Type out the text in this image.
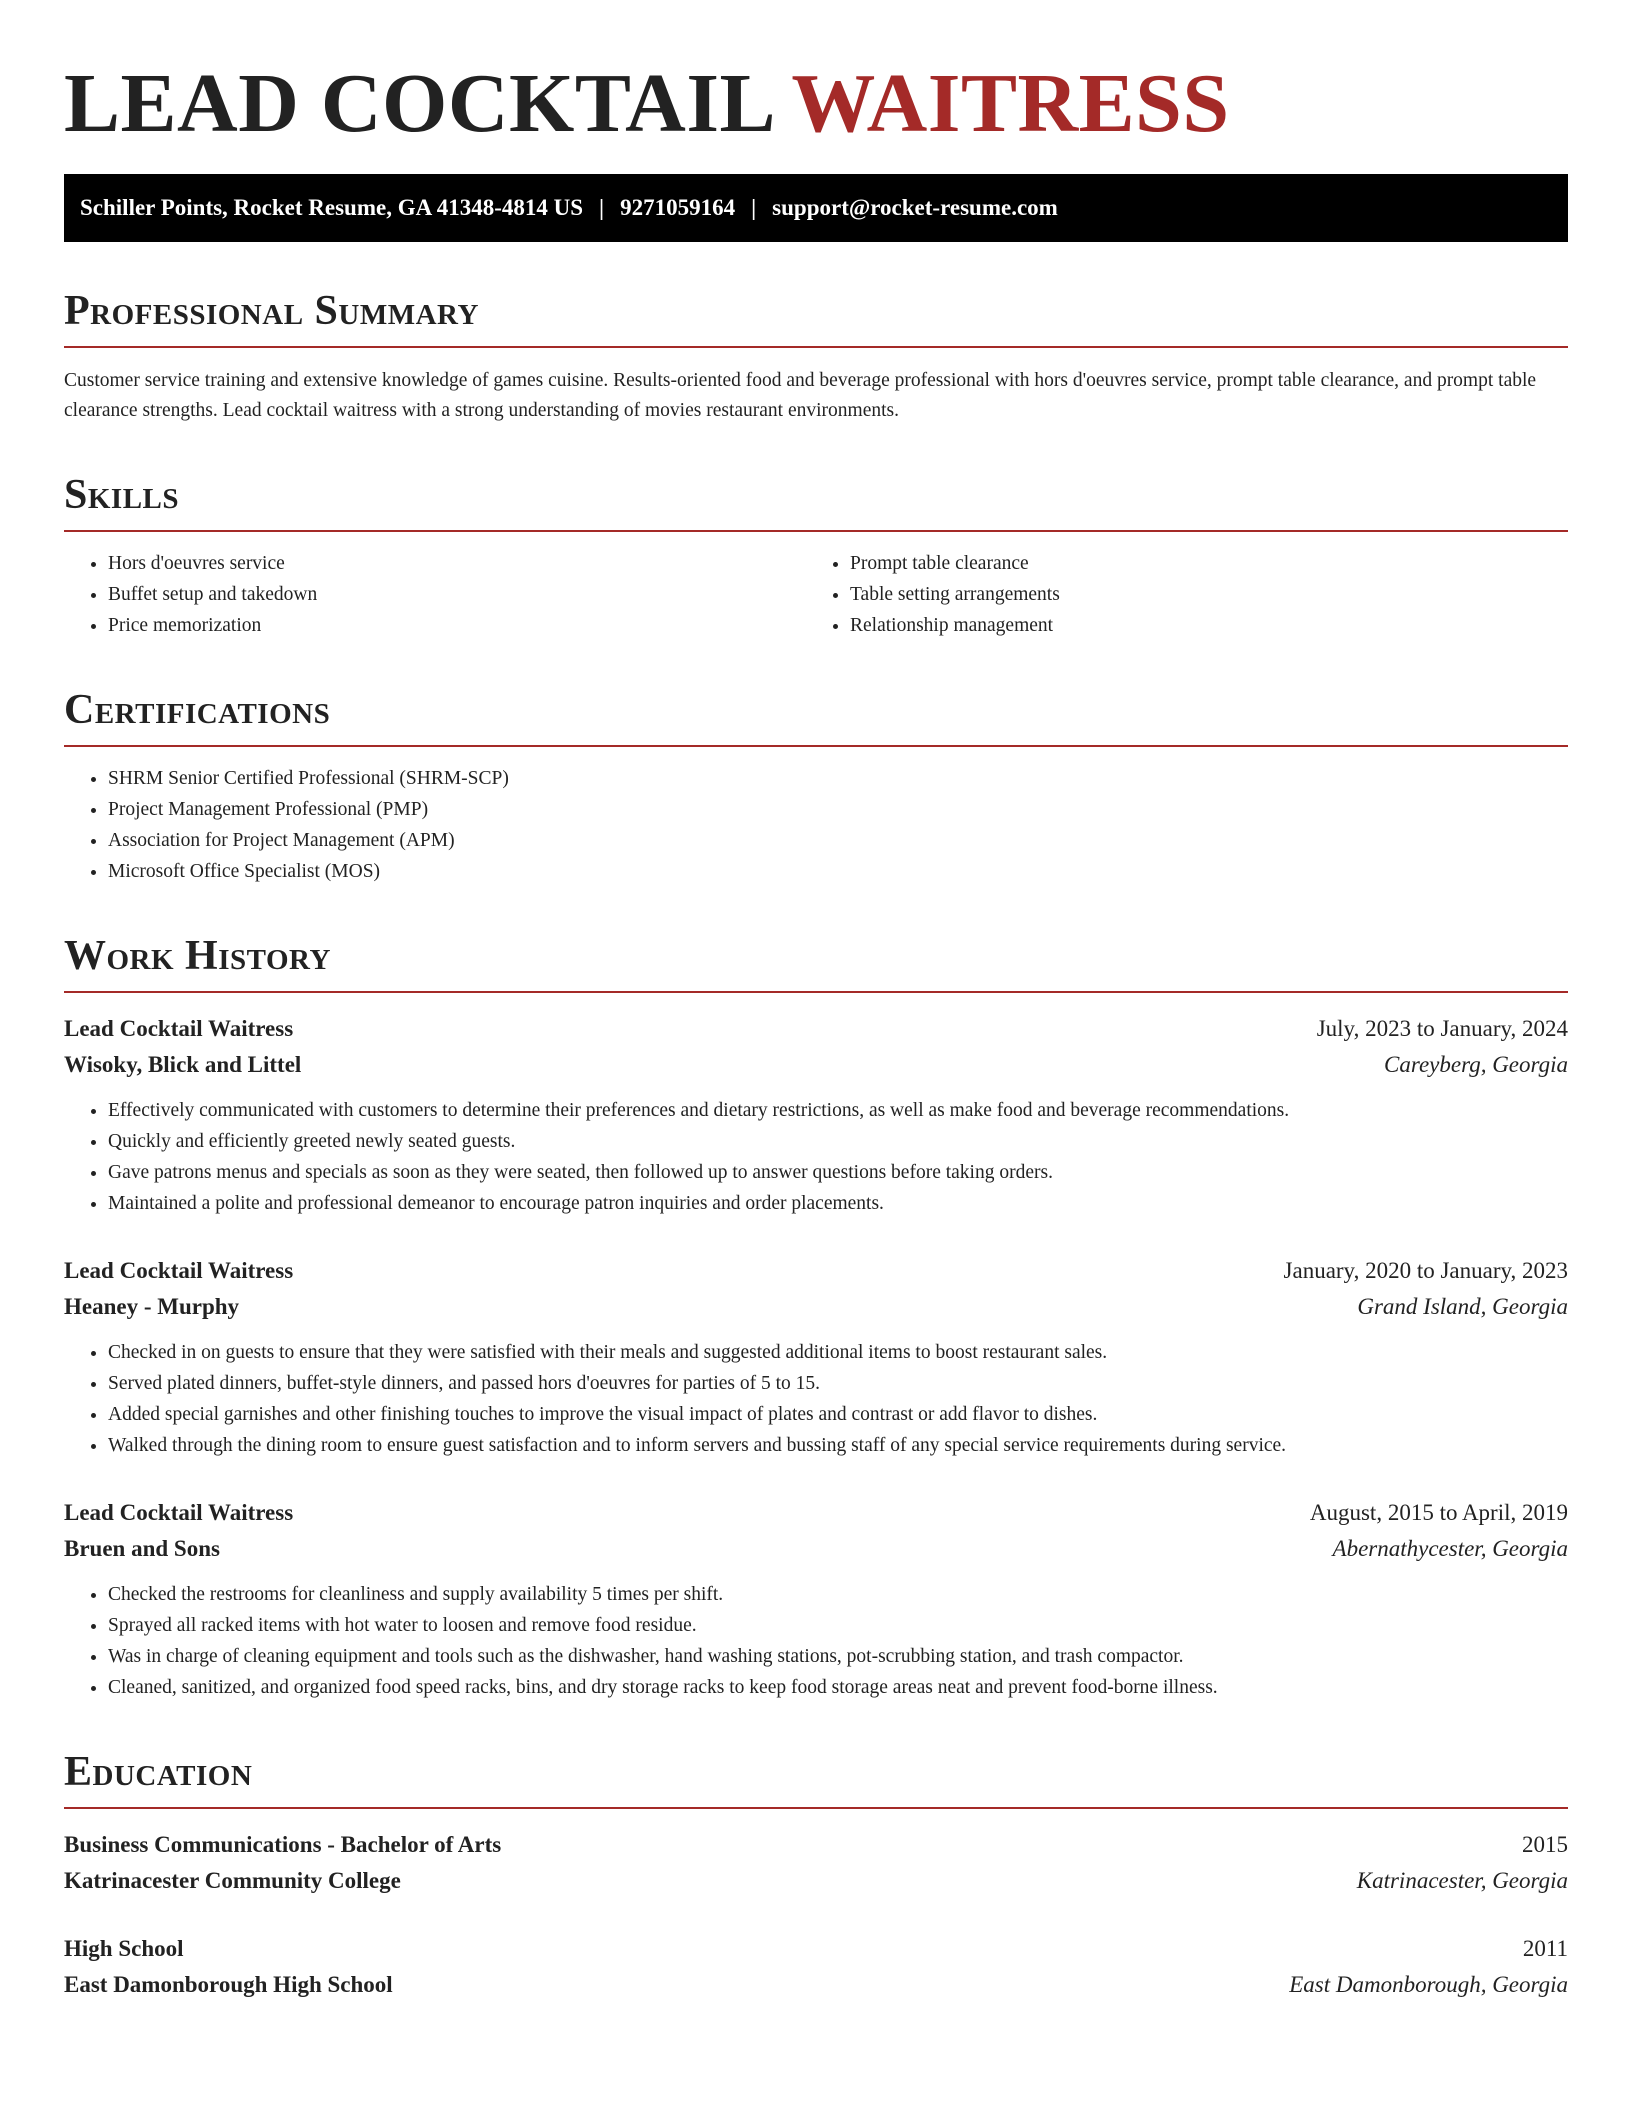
LEAD COCKTAIL WAITRESS
Schiller Points, Rocket Resume, GA 41348-4814 US | 9271059164 | support@rocket-resume.com
Professional Summary

Customer service training and extensive knowledge of games cuisine. Results-oriented food and beverage professional with hors d'oeuvres service, prompt table clearance, and prompt table clearance strengths. Lead cocktail waitress with a strong understanding of movies restaurant environments.

Skills
• Hors d'oeuvres service
• Buffet setup and takedown
• Price memorization
• Prompt table clearance
• Table setting arrangements
• Relationship management
Certifications
• SHRM Senior Certified Professional (SHRM-SCP)
• Project Management Professional (PMP)
• Association for Project Management (APM)
• Microsoft Office Specialist (MOS)
Work History
Lead Cocktail Waitress	July, 2023 to January, 2024
Wisoky, Blick and Littel	Careyberg, Georgia
• Effectively communicated with customers to determine their preferences and dietary restrictions, as well as make food and beverage recommendations.
• Quickly and efficiently greeted newly seated guests.
• Gave patrons menus and specials as soon as they were seated, then followed up to answer questions before taking orders.
• Maintained a polite and professional demeanor to encourage patron inquiries and order placements.
Lead Cocktail Waitress	January, 2020 to January, 2023
Heaney - Murphy	Grand Island, Georgia
• Checked in on guests to ensure that they were satisfied with their meals and suggested additional items to boost restaurant sales.
• Served plated dinners, buffet-style dinners, and passed hors d'oeuvres for parties of 5 to 15.
• Added special garnishes and other finishing touches to improve the visual impact of plates and contrast or add flavor to dishes.
• Walked through the dining room to ensure guest satisfaction and to inform servers and bussing staff of any special service requirements during service.
Lead Cocktail Waitress	August, 2015 to April, 2019
Bruen and Sons	Abernathycester, Georgia
• Checked the restrooms for cleanliness and supply availability 5 times per shift.
• Sprayed all racked items with hot water to loosen and remove food residue.
• Was in charge of cleaning equipment and tools such as the dishwasher, hand washing stations, pot-scrubbing station, and trash compactor.
• Cleaned, sanitized, and organized food speed racks, bins, and dry storage racks to keep food storage areas neat and prevent food-borne illness.
Education
Business Communications - Bachelor of Arts	2015
Katrinacester Community College	Katrinacester, Georgia
High School	2011
East Damonborough High School	East Damonborough, Georgia
